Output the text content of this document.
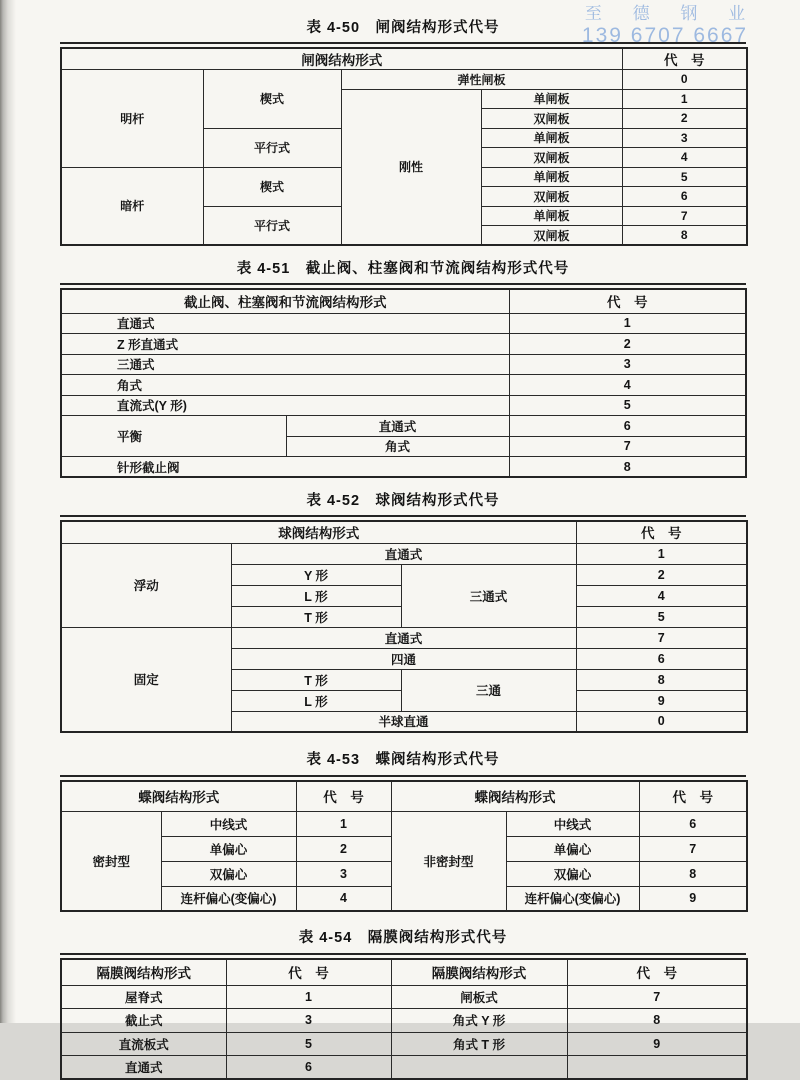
至 德 钢 业
139 6707 6667
表 4-50　闸阀结构形式代号
闸阀结构形式				代　号
明杆	楔式	弹性闸板		0
		刚性	单闸板	1
			双闸板	2
	平行式		单闸板	3
			双闸板	4
暗杆	楔式		单闸板	5
			双闸板	6
	平行式		单闸板	7
			双闸板	8
表 4-51　截止阀、柱塞阀和节流阀结构形式代号
截止阀、柱塞阀和节流阀结构形式		代　号
直通式		1
Z 形直通式		2
三通式		3
角式		4
直流式(Y 形)		5
平衡	直通式	6
	角式	7
针形截止阀		8
表 4-52　球阀结构形式代号
球阀结构形式			代　号
浮动	直通式		1
	Y 形	三通式	2
	L 形		4
	T 形		5
固定	直通式		7
	四通		6
	T 形	三通	8
	L 形		9
	半球直通		0
表 4-53　蝶阀结构形式代号
蝶阀结构形式		代　号	蝶阀结构形式		代　号
密封型	中线式	1	非密封型	中线式	6
	单偏心	2		单偏心	7
	双偏心	3		双偏心	8
	连杆偏心(变偏心)	4		连杆偏心(变偏心)	9
表 4-54　隔膜阀结构形式代号
隔膜阀结构形式	代　号	隔膜阀结构形式	代　号
屋脊式	1	闸板式	7
截止式	3	角式 Y 形	8
直流板式	5	角式 T 形	9
直通式	6		
